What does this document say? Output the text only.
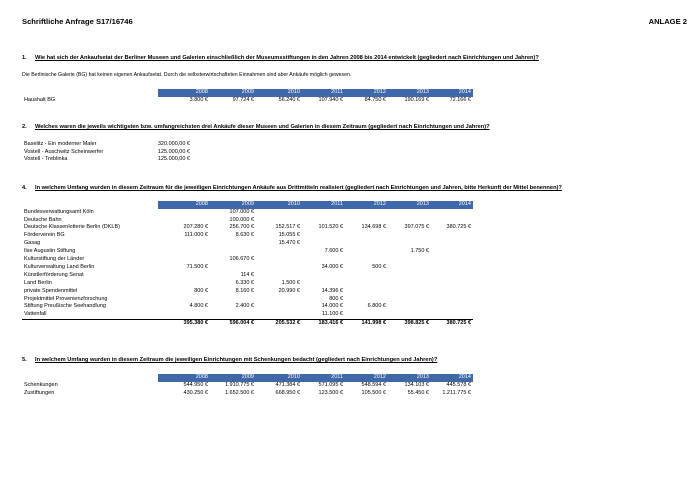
Schriftliche Anfrage S17/16746	ANLAGE 2
1. Wie hat sich der Ankaufsetat der Berliner Museen und Galerien einschließlich der Museumsstiftungen in den Jahren 2008 bis 2014 entwickelt (gegliedert nach Einrichtungen und Jahren)?
Die Berlinische Galerie (BG) hat keinen eigenen Ankaufsetat. Durch die selbsterwirtschafteten Einnahmen sind aber Ankäufe möglich gewesen.
	2008	2009	2010	2011	2012	2013	2014
Haushalt BG	3.800 €	97.724 €	56.240 €	107.940 €	84.750 €	190.169 €	72.166 €
2. Welches waren die jeweils wichtigsten bzw. umfangreichsten drei Ankäufe dieser Museen und Galerien in diesem Zeitraum (gegliedert nach Einrichtungen und Jahren)?
Baselitz - Ein moderner Maler	320.000,00 €
Vostell - Auschwitz Scheinwerfer	125.000,00 €
Vostell - Treblinka	125.000,00 €
4. In welchem Umfang wurden in diesem Zeitraum für die jeweiligen Einrichtungen Ankäufe aus Drittmitteln realisiert (gegliedert nach Einrichtungen und Jahren, bitte Herkunft der Mittel benennen)?
	2008	2009	2010	2011	2012	2013	2014
Bundesverwaltungsamt Köln		107.000 €					
Deutsche Bahn		100.000 €					
Deutsche Klassenlotterie Berlin (DKLB)	207.280 €	256.700 €	152.517 €	101.520 €	134.698 €	397.075 €	380.725 €
Förderverein BG	111.000 €	8.630 €	15.055 €				
Gasag			15.470 €				
Ilse Augustin Stiftung				7.600 €		1.750 €	
Kulturstiftung der Länder		106.670 €					
Kulturverwaltung Land Berlin	71.500 €			34.000 €	500 €		
Künstlerförderung Senat		114 €					
Land Berlin		6.330 €	1.500 €				
private Spendenmittel	800 €	8.160 €	20.990 €	14.396 €			
Projektmittel Provenienzforschung				800 €			
Stiftung Preußische Seehandlung	4.800 €	2.400 €		14.000 €	6.800 €		
Vattenfall				11.100 €			
	395.380 €	596.004 €	205.532 €	183.416 €	141.998 €	398.825 €	380.725 €
5. In welchem Umfang wurden in diesem Zeitraum die jeweiligen Einrichtungen mit Schenkungen bedacht (gegliedert nach Einrichtungen und Jahren)?
	2008	2009	2010	2011	2012	2013	2014
Schenkungen	544.950 €	1.910.775 €	471.384 €	571.095 €	548.594 €	134.103 €	445.578 €
Zustiftungen	430.250 €	1.652.500 €	668.950 €	123.500 €	105.500 €	55.450 €	1.211.775 €
